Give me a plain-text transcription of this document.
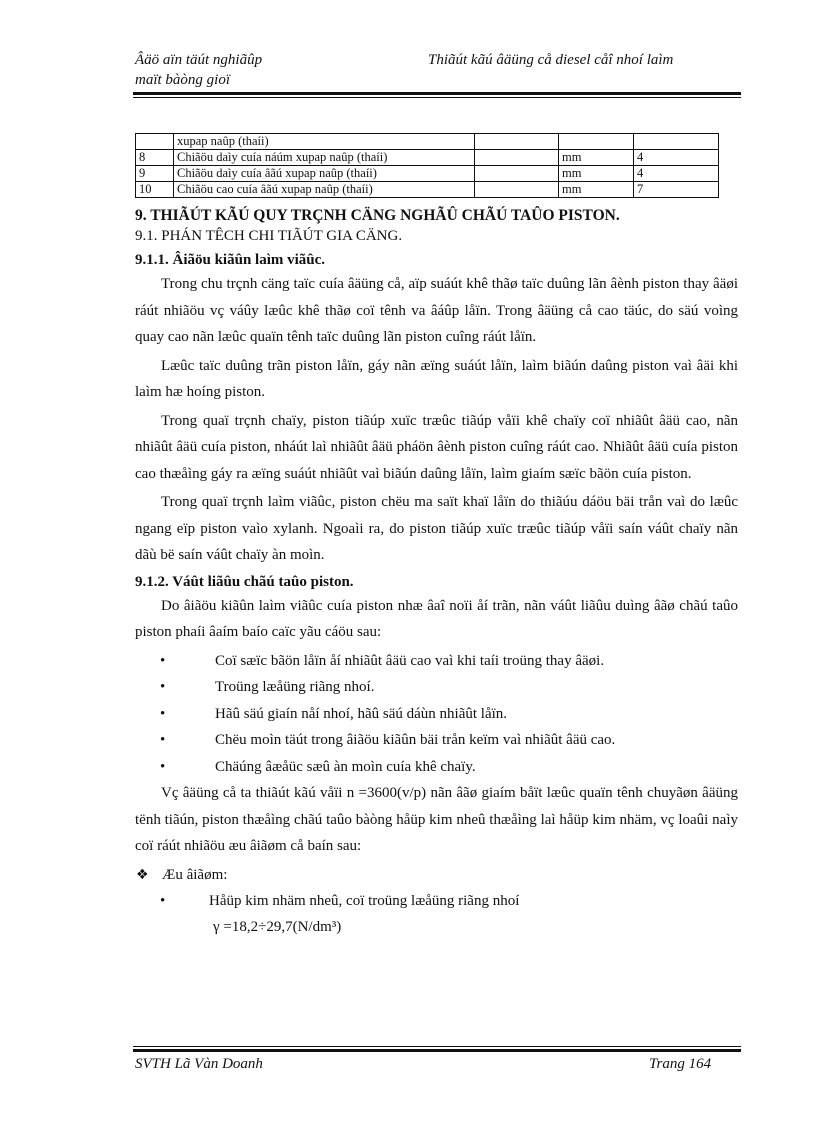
Âäö aïn täút nghiãûp
maït bàòng gioï
Thiãút kãú âäüng cå diesel cåî nhoí laìm
	xupap naûp (thaíi)			
8	Chiãöu daìy cuía náúm xupap naûp (thaíi)		mm	4
9	Chiãöu daìy cuía âãú xupap naûp (thaíi)		mm	4
10	Chiãöu cao cuía âãú xupap naûp (thaíi)		mm	7

9. THIÃÚT KÃÚ QUY TRÇNH CÄNG NGHÃÛ CHÃÚ TAÛO PISTON.

9.1. PHÁN TÊCH CHI TIÃÚT GIA CÄNG.

9.1.1. Âiãöu kiãûn laìm viãûc.

Trong chu trçnh cäng taïc cuía âäüng cå, aïp suáút khê thãø taïc duûng lãn âènh piston thay âäøi ráút nhiãöu vç váûy læûc khê thãø coï tênh va âáûp låïn. Trong âäüng cå cao täúc, do säú voìng quay cao nãn læûc quaïn tênh taïc duûng lãn piston cuîng ráút låïn.

Læûc taïc duûng trãn piston låïn, gáy nãn æïng suáút låïn, laìm biãún daûng piston vaì âäi khi laìm hæ hoíng piston.

Trong quaï trçnh chaïy, piston tiãúp xuïc træûc tiãúp våïi khê chaïy coï nhiãût âäü cao, nãn nhiãût âäü cuía piston, nháút laì nhiãût âäü pháön âènh piston cuîng ráút cao. Nhiãût âäü cuía piston cao thæåìng gáy ra æïng suáút nhiãût vaì biãún daûng låïn, laìm giaím sæïc bãön cuía piston.

Trong quaï trçnh laìm viãûc, piston chëu ma saït khaï låïn do thiãúu dáöu bäi trån vaì do læûc ngang eïp piston vaìo xylanh. Ngoaìi ra, do piston tiãúp xuïc træûc tiãúp våïi saín váût chaïy nãn dãù bë saín váût chaïy àn moìn.

9.1.2. Váût liãûu chãú taûo piston.

Do âiãöu kiãûn laìm viãûc cuía piston nhæ âaî noïi åí trãn, nãn váût liãûu duìng âãø chãú taûo piston phaíi âaím baío caïc yãu cáöu sau:

•	Coï sæïc bãön låïn åí nhiãût âäü cao vaì khi taíi troüng thay âäøi.
•	Troüng læåüng riãng nhoí.
•	Hãû säú giaín nåí nhoí, hãû säú dáùn nhiãût låïn.
•	Chëu moìn täút trong âiãöu kiãûn bäi trån keïm vaì nhiãût âäü cao.
•	Chäúng âæåüc sæû àn moìn cuía khê chaïy.

Vç âäüng cå ta thiãút kãú våïi n =3600(v/p) nãn âãø giaím båït læûc quaïn tênh chuyãøn âäüng tënh tiãún, piston thæåìng chãú taûo bàòng håüp kim nheû thæåìng laì håüp kim nhäm, vç loaûi naìy coï ráút nhiãöu æu âiãøm cå baín sau:

❖ Æu âiãøm:
•	Håüp kim nhäm nheû, coï troüng læåüng riãng nhoí

γ =18,2÷29,7(N/dm³)

SVTH Lã Vàn Doanh	Trang 164
